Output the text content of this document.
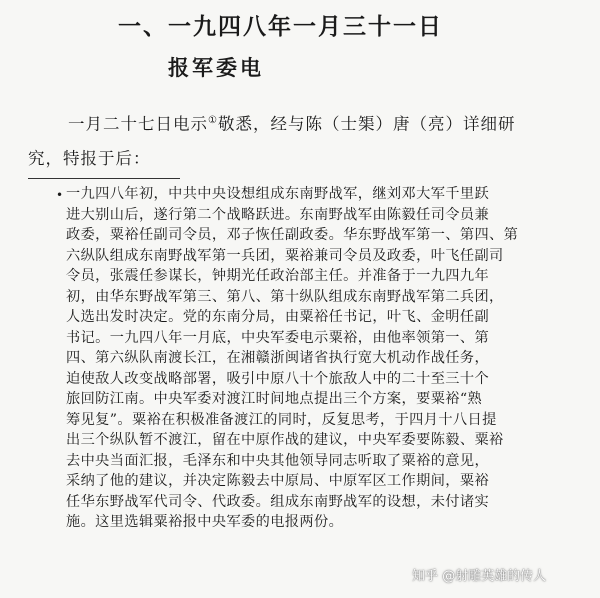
一、一九四八年一月三十一日
报军委电
一月二十七日电示①敬悉，经与陈（士榘）唐（亮）详细研
究，特报于后：
• 一九四八年初，中共中央设想组成东南野战军，继刘邓大军千里跃
进大别山后，遂行第二个战略跃进。东南野战军由陈毅任司令员兼
政委，粟裕任副司令员，邓子恢任副政委。华东野战军第一、第四、第
六纵队组成东南野战军第一兵团，粟裕兼司令员及政委，叶飞任副司
令员，张震任参谋长，钟期光任政治部主任。并准备于一九四九年
初，由华东野战军第三、第八、第十纵队组成东南野战军第二兵团，
人选出发时决定。党的东南分局，由粟裕任书记，叶飞、金明任副
书记。一九四八年一月底，中央军委电示粟裕，由他率领第一、第
四、第六纵队南渡长江，在湘赣浙闽诸省执行宽大机动作战任务，
迫使敌人改变战略部署，吸引中原八十个旅敌人中的二十至三十个
旅回防江南。中央军委对渡江时间地点提出三个方案，要粟裕“熟
筹见复”。粟裕在积极准备渡江的同时，反复思考，于四月十八日提
出三个纵队暂不渡江，留在中原作战的建议，中央军委要陈毅、粟裕
去中央当面汇报，毛泽东和中央其他领导同志听取了粟裕的意见，
采纳了他的建议，并决定陈毅去中原局、中原军区工作期间，粟裕
任华东野战军代司令、代政委。组成东南野战军的设想，未付诸实
施。这里选辑粟裕报中央军委的电报两份。
知乎 @射雕英雄的传人
